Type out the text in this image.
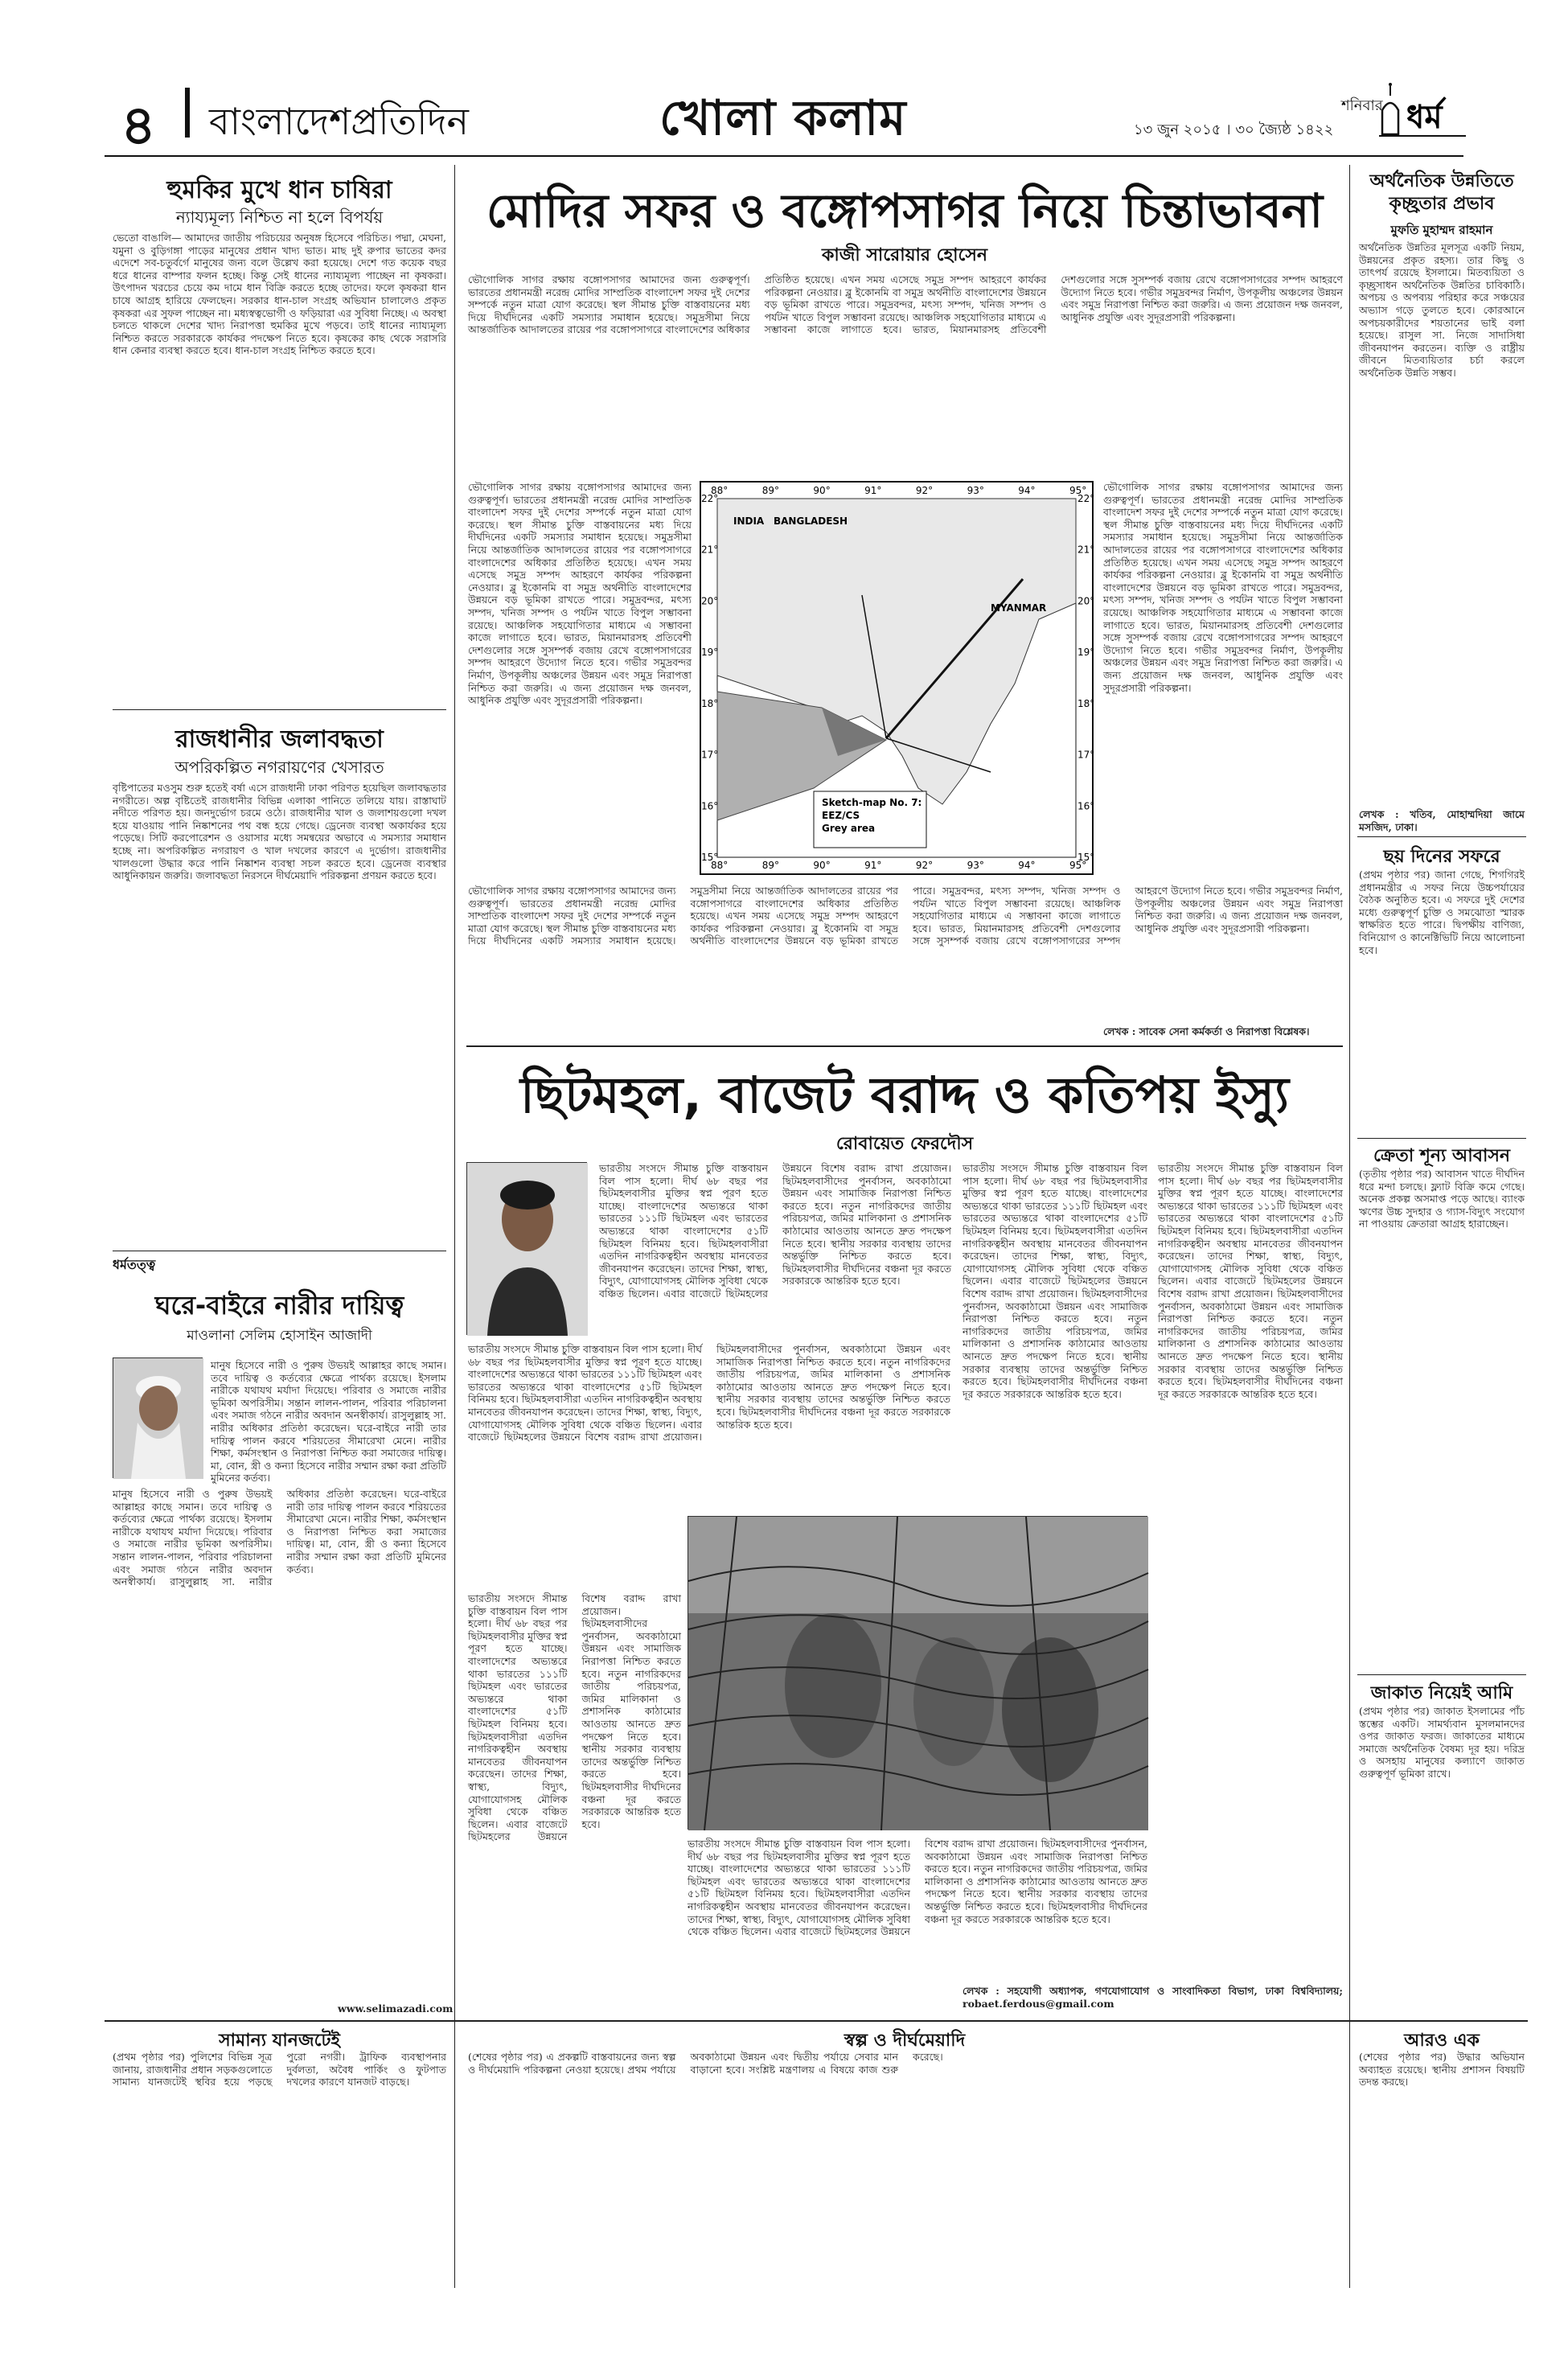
৪ বাংলাদেশপ্রতিদিন	খোলা কলাম	শনিবার
১৩ জুন ২০১৫ । ৩০ জ্যৈষ্ঠ ১৪২২ ধর্ম
হুমকির মুখে ধান চাষিরা
ন্যায্যমূল্য নিশ্চিত না হলে বিপর্যয়
ভেতো বাঙালি— আমাদের জাতীয় পরিচয়ের অনুষঙ্গ হিসেবে পরিচিত। পদ্মা, মেঘনা, যমুনা ও বুড়িগঙ্গা পাড়ের মানুষের প্রধান খাদ্য ভাত। মাছ দুই রুপার ভাতের কদর এদেশে সব-চতুর্বর্গে মানুষের জন্য বলে উল্লেখ করা হয়েছে। দেশে গত কয়েক বছর ধরে ধানের বাম্পার ফলন হচ্ছে। কিন্তু সেই ধানের ন্যায্যমূল্য পাচ্ছেন না কৃষকরা। উৎপাদন খরচের চেয়ে কম দামে ধান বিক্রি করতে হচ্ছে তাদের। ফলে কৃষকরা ধান চাষে আগ্রহ হারিয়ে ফেলছেন। সরকার ধান-চাল সংগ্রহ অভিযান চালালেও প্রকৃত কৃষকরা এর সুফল পাচ্ছেন না। মধ্যস্বত্বভোগী ও ফড়িয়ারা এর সুবিধা নিচ্ছে। এ অবস্থা চলতে থাকলে দেশের খাদ্য নিরাপত্তা হুমকির মুখে পড়বে। তাই ধানের ন্যায্যমূল্য নিশ্চিত করতে সরকারকে কার্যকর পদক্ষেপ নিতে হবে। কৃষকের কাছ থেকে সরাসরি ধান কেনার ব্যবস্থা করতে হবে। ধান-চাল সংগ্রহ নিশ্চিত করতে হবে।
রাজধানীর জলাবদ্ধতা
অপরিকল্পিত নগরায়ণের খেসারত
বৃষ্টিপাতের মওসুম শুরু হতেই বর্ষা এসে রাজধানী ঢাকা পরিণত হয়েছিল জলাবদ্ধতার নগরীতে। অল্প বৃষ্টিতেই রাজধানীর বিভিন্ন এলাকা পানিতে তলিয়ে যায়। রাস্তাঘাট নদীতে পরিণত হয়। জনদুর্ভোগ চরমে ওঠে। রাজধানীর খাল ও জলাশয়গুলো দখল হয়ে যাওয়ায় পানি নিষ্কাশনের পথ বন্ধ হয়ে গেছে। ড্রেনেজ ব্যবস্থা অকার্যকর হয়ে পড়েছে। সিটি করপোরেশন ও ওয়াসার মধ্যে সমন্বয়ের অভাবে এ সমস্যার সমাধান হচ্ছে না। অপরিকল্পিত নগরায়ণ ও খাল দখলের কারণে এ দুর্ভোগ। রাজধানীর খালগুলো উদ্ধার করে পানি নিষ্কাশন ব্যবস্থা সচল করতে হবে। ড্রেনেজ ব্যবস্থার আধুনিকায়ন জরুরি। জলাবদ্ধতা নিরসনে দীর্ঘমেয়াদি পরিকল্পনা প্রণয়ন করতে হবে।
ধর্মতত্ত্ব
ঘরে-বাইরে নারীর দায়িত্ব
মাওলানা সেলিম হোসাইন আজাদী
মানুষ হিসেবে নারী ও পুরুষ উভয়ই আল্লাহর কাছে সমান। তবে দায়িত্ব ও কর্তব্যের ক্ষেত্রে পার্থক্য রয়েছে। ইসলাম নারীকে যথাযথ মর্যাদা দিয়েছে। পরিবার ও সমাজে নারীর ভূমিকা অপরিসীম। সন্তান লালন-পালন, পরিবার পরিচালনা এবং সমাজ গঠনে নারীর অবদান অনস্বীকার্য। রাসুলুল্লাহ সা. নারীর অধিকার প্রতিষ্ঠা করেছেন। ঘরে-বাইরে নারী তার দায়িত্ব পালন করবে শরিয়তের সীমারেখা মেনে। নারীর শিক্ষা, কর্মসংস্থান ও নিরাপত্তা নিশ্চিত করা সমাজের দায়িত্ব। মা, বোন, স্ত্রী ও কন্যা হিসেবে নারীর সম্মান রক্ষা করা প্রতিটি মুমিনের কর্তব্য।
মানুষ হিসেবে নারী ও পুরুষ উভয়ই আল্লাহর কাছে সমান। তবে দায়িত্ব ও কর্তব্যের ক্ষেত্রে পার্থক্য রয়েছে। ইসলাম নারীকে যথাযথ মর্যাদা দিয়েছে। পরিবার ও সমাজে নারীর ভূমিকা অপরিসীম। সন্তান লালন-পালন, পরিবার পরিচালনা এবং সমাজ গঠনে নারীর অবদান অনস্বীকার্য। রাসুলুল্লাহ সা. নারীর অধিকার প্রতিষ্ঠা করেছেন। ঘরে-বাইরে নারী তার দায়িত্ব পালন করবে শরিয়তের সীমারেখা মেনে। নারীর শিক্ষা, কর্মসংস্থান ও নিরাপত্তা নিশ্চিত করা সমাজের দায়িত্ব। মা, বোন, স্ত্রী ও কন্যা হিসেবে নারীর সম্মান রক্ষা করা প্রতিটি মুমিনের কর্তব্য।
www.selimazadi.com
মোদির সফর ও বঙ্গোপসাগর নিয়ে চিন্তাভাবনা
কাজী সারোয়ার হোসেন
ভৌগোলিক সাগর রক্ষায় বঙ্গোপসাগর আমাদের জন্য গুরুত্বপূর্ণ। ভারতের প্রধানমন্ত্রী নরেন্দ্র মোদির সাম্প্রতিক বাংলাদেশ সফর দুই দেশের সম্পর্কে নতুন মাত্রা যোগ করেছে। স্থল সীমান্ত চুক্তি বাস্তবায়নের মধ্য দিয়ে দীর্ঘদিনের একটি সমস্যার সমাধান হয়েছে। সমুদ্রসীমা নিয়ে আন্তর্জাতিক আদালতের রায়ের পর বঙ্গোপসাগরে বাংলাদেশের অধিকার প্রতিষ্ঠিত হয়েছে। এখন সময় এসেছে সমুদ্র সম্পদ আহরণে কার্যকর পরিকল্পনা নেওয়ার। ব্লু ইকোনমি বা সমুদ্র অর্থনীতি বাংলাদেশের উন্নয়নে বড় ভূমিকা রাখতে পারে। সমুদ্রবন্দর, মৎস্য সম্পদ, খনিজ সম্পদ ও পর্যটন খাতে বিপুল সম্ভাবনা রয়েছে। আঞ্চলিক সহযোগিতার মাধ্যমে এ সম্ভাবনা কাজে লাগাতে হবে। ভারত, মিয়ানমারসহ প্রতিবেশী দেশগুলোর সঙ্গে সুসম্পর্ক বজায় রেখে বঙ্গোপসাগরের সম্পদ আহরণে উদ্যোগ নিতে হবে। গভীর সমুদ্রবন্দর নির্মাণ, উপকূলীয় অঞ্চলের উন্নয়ন এবং সমুদ্র নিরাপত্তা নিশ্চিত করা জরুরি। এ জন্য প্রয়োজন দক্ষ জনবল, আধুনিক প্রযুক্তি এবং সুদূরপ্রসারী পরিকল্পনা।
ভৌগোলিক সাগর রক্ষায় বঙ্গোপসাগর আমাদের জন্য গুরুত্বপূর্ণ। ভারতের প্রধানমন্ত্রী নরেন্দ্র মোদির সাম্প্রতিক বাংলাদেশ সফর দুই দেশের সম্পর্কে নতুন মাত্রা যোগ করেছে। স্থল সীমান্ত চুক্তি বাস্তবায়নের মধ্য দিয়ে দীর্ঘদিনের একটি সমস্যার সমাধান হয়েছে। সমুদ্রসীমা নিয়ে আন্তর্জাতিক আদালতের রায়ের পর বঙ্গোপসাগরে বাংলাদেশের অধিকার প্রতিষ্ঠিত হয়েছে। এখন সময় এসেছে সমুদ্র সম্পদ আহরণে কার্যকর পরিকল্পনা নেওয়ার। ব্লু ইকোনমি বা সমুদ্র অর্থনীতি বাংলাদেশের উন্নয়নে বড় ভূমিকা রাখতে পারে। সমুদ্রবন্দর, মৎস্য সম্পদ, খনিজ সম্পদ ও পর্যটন খাতে বিপুল সম্ভাবনা রয়েছে। আঞ্চলিক সহযোগিতার মাধ্যমে এ সম্ভাবনা কাজে লাগাতে হবে। ভারত, মিয়ানমারসহ প্রতিবেশী দেশগুলোর সঙ্গে সুসম্পর্ক বজায় রেখে বঙ্গোপসাগরের সম্পদ আহরণে উদ্যোগ নিতে হবে। গভীর সমুদ্রবন্দর নির্মাণ, উপকূলীয় অঞ্চলের উন্নয়ন এবং সমুদ্র নিরাপত্তা নিশ্চিত করা জরুরি। এ জন্য প্রয়োজন দক্ষ জনবল, আধুনিক প্রযুক্তি এবং সুদূরপ্রসারী পরিকল্পনা।
ভৌগোলিক সাগর রক্ষায় বঙ্গোপসাগর আমাদের জন্য গুরুত্বপূর্ণ। ভারতের প্রধানমন্ত্রী নরেন্দ্র মোদির সাম্প্রতিক বাংলাদেশ সফর দুই দেশের সম্পর্কে নতুন মাত্রা যোগ করেছে। স্থল সীমান্ত চুক্তি বাস্তবায়নের মধ্য দিয়ে দীর্ঘদিনের একটি সমস্যার সমাধান হয়েছে। সমুদ্রসীমা নিয়ে আন্তর্জাতিক আদালতের রায়ের পর বঙ্গোপসাগরে বাংলাদেশের অধিকার প্রতিষ্ঠিত হয়েছে। এখন সময় এসেছে সমুদ্র সম্পদ আহরণে কার্যকর পরিকল্পনা নেওয়ার। ব্লু ইকোনমি বা সমুদ্র অর্থনীতি বাংলাদেশের উন্নয়নে বড় ভূমিকা রাখতে পারে। সমুদ্রবন্দর, মৎস্য সম্পদ, খনিজ সম্পদ ও পর্যটন খাতে বিপুল সম্ভাবনা রয়েছে। আঞ্চলিক সহযোগিতার মাধ্যমে এ সম্ভাবনা কাজে লাগাতে হবে। ভারত, মিয়ানমারসহ প্রতিবেশী দেশগুলোর সঙ্গে সুসম্পর্ক বজায় রেখে বঙ্গোপসাগরের সম্পদ আহরণে উদ্যোগ নিতে হবে। গভীর সমুদ্রবন্দর নির্মাণ, উপকূলীয় অঞ্চলের উন্নয়ন এবং সমুদ্র নিরাপত্তা নিশ্চিত করা জরুরি। এ জন্য প্রয়োজন দক্ষ জনবল, আধুনিক প্রযুক্তি এবং সুদূরপ্রসারী পরিকল্পনা।
ভৌগোলিক সাগর রক্ষায় বঙ্গোপসাগর আমাদের জন্য গুরুত্বপূর্ণ। ভারতের প্রধানমন্ত্রী নরেন্দ্র মোদির সাম্প্রতিক বাংলাদেশ সফর দুই দেশের সম্পর্কে নতুন মাত্রা যোগ করেছে। স্থল সীমান্ত চুক্তি বাস্তবায়নের মধ্য দিয়ে দীর্ঘদিনের একটি সমস্যার সমাধান হয়েছে। সমুদ্রসীমা নিয়ে আন্তর্জাতিক আদালতের রায়ের পর বঙ্গোপসাগরে বাংলাদেশের অধিকার প্রতিষ্ঠিত হয়েছে। এখন সময় এসেছে সমুদ্র সম্পদ আহরণে কার্যকর পরিকল্পনা নেওয়ার। ব্লু ইকোনমি বা সমুদ্র অর্থনীতি বাংলাদেশের উন্নয়নে বড় ভূমিকা রাখতে পারে। সমুদ্রবন্দর, মৎস্য সম্পদ, খনিজ সম্পদ ও পর্যটন খাতে বিপুল সম্ভাবনা রয়েছে। আঞ্চলিক সহযোগিতার মাধ্যমে এ সম্ভাবনা কাজে লাগাতে হবে। ভারত, মিয়ানমারসহ প্রতিবেশী দেশগুলোর সঙ্গে সুসম্পর্ক বজায় রেখে বঙ্গোপসাগরের সম্পদ আহরণে উদ্যোগ নিতে হবে। গভীর সমুদ্রবন্দর নির্মাণ, উপকূলীয় অঞ্চলের উন্নয়ন এবং সমুদ্র নিরাপত্তা নিশ্চিত করা জরুরি। এ জন্য প্রয়োজন দক্ষ জনবল, আধুনিক প্রযুক্তি এবং সুদূরপ্রসারী পরিকল্পনা।
লেখক : সাবেক সেনা কর্মকর্তা ও নিরাপত্তা বিশ্লেষক।
88°
88°
89°
89°
90°
90°
91°
91°
92°
92°
93°
93°
94°
94°
95°
95°
22°	22°
21°	21°
20°	20°
19°	19°
18°	18°
17°	17°
16°	16°
15°	15°
INDIA BANGLADESH
MYANMAR
Sketch-map No. 7: EEZ/CS Grey area
ছিটমহল, বাজেট বরাদ্দ ও কতিপয় ইস্যু
রোবায়েত ফেরদৌস
ভারতীয় সংসদে সীমান্ত চুক্তি বাস্তবায়ন বিল পাস হলো। দীর্ঘ ৬৮ বছর পর ছিটমহলবাসীর মুক্তির স্বপ্ন পূরণ হতে যাচ্ছে। বাংলাদেশের অভ্যন্তরে থাকা ভারতের ১১১টি ছিটমহল এবং ভারতের অভ্যন্তরে থাকা বাংলাদেশের ৫১টি ছিটমহল বিনিময় হবে। ছিটমহলবাসীরা এতদিন নাগরিকত্বহীন অবস্থায় মানবেতর জীবনযাপন করেছেন। তাদের শিক্ষা, স্বাস্থ্য, বিদ্যুৎ, যোগাযোগসহ মৌলিক সুবিধা থেকে বঞ্চিত ছিলেন। এবার বাজেটে ছিটমহলের উন্নয়নে বিশেষ বরাদ্দ রাখা প্রয়োজন। ছিটমহলবাসীদের পুনর্বাসন, অবকাঠামো উন্নয়ন এবং সামাজিক নিরাপত্তা নিশ্চিত করতে হবে। নতুন নাগরিকদের জাতীয় পরিচয়পত্র, জমির মালিকানা ও প্রশাসনিক কাঠামোর আওতায় আনতে দ্রুত পদক্ষেপ নিতে হবে। স্থানীয় সরকার ব্যবস্থায় তাদের অন্তর্ভুক্তি নিশ্চিত করতে হবে। ছিটমহলবাসীর দীর্ঘদিনের বঞ্চনা দূর করতে সরকারকে আন্তরিক হতে হবে।
ভারতীয় সংসদে সীমান্ত চুক্তি বাস্তবায়ন বিল পাস হলো। দীর্ঘ ৬৮ বছর পর ছিটমহলবাসীর মুক্তির স্বপ্ন পূরণ হতে যাচ্ছে। বাংলাদেশের অভ্যন্তরে থাকা ভারতের ১১১টি ছিটমহল এবং ভারতের অভ্যন্তরে থাকা বাংলাদেশের ৫১টি ছিটমহল বিনিময় হবে। ছিটমহলবাসীরা এতদিন নাগরিকত্বহীন অবস্থায় মানবেতর জীবনযাপন করেছেন। তাদের শিক্ষা, স্বাস্থ্য, বিদ্যুৎ, যোগাযোগসহ মৌলিক সুবিধা থেকে বঞ্চিত ছিলেন। এবার বাজেটে ছিটমহলের উন্নয়নে বিশেষ বরাদ্দ রাখা প্রয়োজন। ছিটমহলবাসীদের পুনর্বাসন, অবকাঠামো উন্নয়ন এবং সামাজিক নিরাপত্তা নিশ্চিত করতে হবে। নতুন নাগরিকদের জাতীয় পরিচয়পত্র, জমির মালিকানা ও প্রশাসনিক কাঠামোর আওতায় আনতে দ্রুত পদক্ষেপ নিতে হবে। স্থানীয় সরকার ব্যবস্থায় তাদের অন্তর্ভুক্তি নিশ্চিত করতে হবে। ছিটমহলবাসীর দীর্ঘদিনের বঞ্চনা দূর করতে সরকারকে আন্তরিক হতে হবে।
ভারতীয় সংসদে সীমান্ত চুক্তি বাস্তবায়ন বিল পাস হলো। দীর্ঘ ৬৮ বছর পর ছিটমহলবাসীর মুক্তির স্বপ্ন পূরণ হতে যাচ্ছে। বাংলাদেশের অভ্যন্তরে থাকা ভারতের ১১১টি ছিটমহল এবং ভারতের অভ্যন্তরে থাকা বাংলাদেশের ৫১টি ছিটমহল বিনিময় হবে। ছিটমহলবাসীরা এতদিন নাগরিকত্বহীন অবস্থায় মানবেতর জীবনযাপন করেছেন। তাদের শিক্ষা, স্বাস্থ্য, বিদ্যুৎ, যোগাযোগসহ মৌলিক সুবিধা থেকে বঞ্চিত ছিলেন। এবার বাজেটে ছিটমহলের উন্নয়নে বিশেষ বরাদ্দ রাখা প্রয়োজন। ছিটমহলবাসীদের পুনর্বাসন, অবকাঠামো উন্নয়ন এবং সামাজিক নিরাপত্তা নিশ্চিত করতে হবে। নতুন নাগরিকদের জাতীয় পরিচয়পত্র, জমির মালিকানা ও প্রশাসনিক কাঠামোর আওতায় আনতে দ্রুত পদক্ষেপ নিতে হবে। স্থানীয় সরকার ব্যবস্থায় তাদের অন্তর্ভুক্তি নিশ্চিত করতে হবে। ছিটমহলবাসীর দীর্ঘদিনের বঞ্চনা দূর করতে সরকারকে আন্তরিক হতে হবে।
ভারতীয় সংসদে সীমান্ত চুক্তি বাস্তবায়ন বিল পাস হলো। দীর্ঘ ৬৮ বছর পর ছিটমহলবাসীর মুক্তির স্বপ্ন পূরণ হতে যাচ্ছে। বাংলাদেশের অভ্যন্তরে থাকা ভারতের ১১১টি ছিটমহল এবং ভারতের অভ্যন্তরে থাকা বাংলাদেশের ৫১টি ছিটমহল বিনিময় হবে। ছিটমহলবাসীরা এতদিন নাগরিকত্বহীন অবস্থায় মানবেতর জীবনযাপন করেছেন। তাদের শিক্ষা, স্বাস্থ্য, বিদ্যুৎ, যোগাযোগসহ মৌলিক সুবিধা থেকে বঞ্চিত ছিলেন। এবার বাজেটে ছিটমহলের উন্নয়নে বিশেষ বরাদ্দ রাখা প্রয়োজন। ছিটমহলবাসীদের পুনর্বাসন, অবকাঠামো উন্নয়ন এবং সামাজিক নিরাপত্তা নিশ্চিত করতে হবে। নতুন নাগরিকদের জাতীয় পরিচয়পত্র, জমির মালিকানা ও প্রশাসনিক কাঠামোর আওতায় আনতে দ্রুত পদক্ষেপ নিতে হবে। স্থানীয় সরকার ব্যবস্থায় তাদের অন্তর্ভুক্তি নিশ্চিত করতে হবে। ছিটমহলবাসীর দীর্ঘদিনের বঞ্চনা দূর করতে সরকারকে আন্তরিক হতে হবে।
ভারতীয় সংসদে সীমান্ত চুক্তি বাস্তবায়ন বিল পাস হলো। দীর্ঘ ৬৮ বছর পর ছিটমহলবাসীর মুক্তির স্বপ্ন পূরণ হতে যাচ্ছে। বাংলাদেশের অভ্যন্তরে থাকা ভারতের ১১১টি ছিটমহল এবং ভারতের অভ্যন্তরে থাকা বাংলাদেশের ৫১টি ছিটমহল বিনিময় হবে। ছিটমহলবাসীরা এতদিন নাগরিকত্বহীন অবস্থায় মানবেতর জীবনযাপন করেছেন। তাদের শিক্ষা, স্বাস্থ্য, বিদ্যুৎ, যোগাযোগসহ মৌলিক সুবিধা থেকে বঞ্চিত ছিলেন। এবার বাজেটে ছিটমহলের উন্নয়নে বিশেষ বরাদ্দ রাখা প্রয়োজন। ছিটমহলবাসীদের পুনর্বাসন, অবকাঠামো উন্নয়ন এবং সামাজিক নিরাপত্তা নিশ্চিত করতে হবে। নতুন নাগরিকদের জাতীয় পরিচয়পত্র, জমির মালিকানা ও প্রশাসনিক কাঠামোর আওতায় আনতে দ্রুত পদক্ষেপ নিতে হবে। স্থানীয় সরকার ব্যবস্থায় তাদের অন্তর্ভুক্তি নিশ্চিত করতে হবে। ছিটমহলবাসীর দীর্ঘদিনের বঞ্চনা দূর করতে সরকারকে আন্তরিক হতে হবে।
ভারতীয় সংসদে সীমান্ত চুক্তি বাস্তবায়ন বিল পাস হলো। দীর্ঘ ৬৮ বছর পর ছিটমহলবাসীর মুক্তির স্বপ্ন পূরণ হতে যাচ্ছে। বাংলাদেশের অভ্যন্তরে থাকা ভারতের ১১১টি ছিটমহল এবং ভারতের অভ্যন্তরে থাকা বাংলাদেশের ৫১টি ছিটমহল বিনিময় হবে। ছিটমহলবাসীরা এতদিন নাগরিকত্বহীন অবস্থায় মানবেতর জীবনযাপন করেছেন। তাদের শিক্ষা, স্বাস্থ্য, বিদ্যুৎ, যোগাযোগসহ মৌলিক সুবিধা থেকে বঞ্চিত ছিলেন। এবার বাজেটে ছিটমহলের উন্নয়নে বিশেষ বরাদ্দ রাখা প্রয়োজন। ছিটমহলবাসীদের পুনর্বাসন, অবকাঠামো উন্নয়ন এবং সামাজিক নিরাপত্তা নিশ্চিত করতে হবে। নতুন নাগরিকদের জাতীয় পরিচয়পত্র, জমির মালিকানা ও প্রশাসনিক কাঠামোর আওতায় আনতে দ্রুত পদক্ষেপ নিতে হবে। স্থানীয় সরকার ব্যবস্থায় তাদের অন্তর্ভুক্তি নিশ্চিত করতে হবে। ছিটমহলবাসীর দীর্ঘদিনের বঞ্চনা দূর করতে সরকারকে আন্তরিক হতে হবে।
লেখক : সহযোগী অধ্যাপক, গণযোগাযোগ ও সাংবাদিকতা বিভাগ, ঢাকা বিশ্ববিদ্যালয়; robaet.ferdous@gmail.com
অর্থনৈতিক উন্নতিতে কৃচ্ছ্রতার প্রভাব
মুফতি মুহাম্মদ রাহমান
অর্থনৈতিক উন্নতির মূলসূত্র একটি নিয়ম, উন্নয়নের প্রকৃত রহস্য। তার কিছু ও তাৎপর্য রয়েছে ইসলামে। মিতব্যয়িতা ও কৃচ্ছ্রসাধন অর্থনৈতিক উন্নতির চাবিকাঠি। অপচয় ও অপব্যয় পরিহার করে সঞ্চয়ের অভ্যাস গড়ে তুলতে হবে। কোরআনে অপচয়কারীদের শয়তানের ভাই বলা হয়েছে। রাসুল সা. নিজে সাদাসিধা জীবনযাপন করতেন। ব্যক্তি ও রাষ্ট্রীয় জীবনে মিতব্যয়িতার চর্চা করলে অর্থনৈতিক উন্নতি সম্ভব।
লেখক : খতিব, মোহাম্মদিয়া জামে মসজিদ, ঢাকা।
ছয় দিনের সফরে
(প্রথম পৃষ্ঠার পর) জানা গেছে, শিগগিরই প্রধানমন্ত্রীর এ সফর নিয়ে উচ্চপর্যায়ের বৈঠক অনুষ্ঠিত হবে। এ সফরে দুই দেশের মধ্যে গুরুত্বপূর্ণ চুক্তি ও সমঝোতা স্মারক স্বাক্ষরিত হতে পারে। দ্বিপক্ষীয় বাণিজ্য, বিনিয়োগ ও কানেক্টিভিটি নিয়ে আলোচনা হবে।
ক্রেতা শূন্য আবাসন
(তৃতীয় পৃষ্ঠার পর) আবাসন খাতে দীর্ঘদিন ধরে মন্দা চলছে। ফ্ল্যাট বিক্রি কমে গেছে। অনেক প্রকল্প অসমাপ্ত পড়ে আছে। ব্যাংক ঋণের উচ্চ সুদহার ও গ্যাস-বিদ্যুৎ সংযোগ না পাওয়ায় ক্রেতারা আগ্রহ হারাচ্ছেন।
জাকাত নিয়েই আমি
(প্রথম পৃষ্ঠার পর) জাকাত ইসলামের পাঁচ স্তম্ভের একটি। সামর্থ্যবান মুসলমানদের ওপর জাকাত ফরজ। জাকাতের মাধ্যমে সমাজে অর্থনৈতিক বৈষম্য দূর হয়। দরিদ্র ও অসহায় মানুষের কল্যাণে জাকাত গুরুত্বপূর্ণ ভূমিকা রাখে।
সামান্য যানজটেই
(প্রথম পৃষ্ঠার পর) পুলিশের বিভিন্ন সূত্র জানায়, রাজধানীর প্রধান সড়কগুলোতে সামান্য যানজটেই স্থবির হয়ে পড়ছে পুরো নগরী। ট্রাফিক ব্যবস্থাপনার দুর্বলতা, অবৈধ পার্কিং ও ফুটপাত দখলের কারণে যানজট বাড়ছে।
স্বল্প ও দীর্ঘমেয়াদি
(শেষের পৃষ্ঠার পর) এ প্রকল্পটি বাস্তবায়নের জন্য স্বল্প ও দীর্ঘমেয়াদি পরিকল্পনা নেওয়া হয়েছে। প্রথম পর্যায়ে অবকাঠামো উন্নয়ন এবং দ্বিতীয় পর্যায়ে সেবার মান বাড়ানো হবে। সংশ্লিষ্ট মন্ত্রণালয় এ বিষয়ে কাজ শুরু করেছে।
আরও এক
(শেষের পৃষ্ঠার পর) উদ্ধার অভিযান অব্যাহত রয়েছে। স্থানীয় প্রশাসন বিষয়টি তদন্ত করছে।
